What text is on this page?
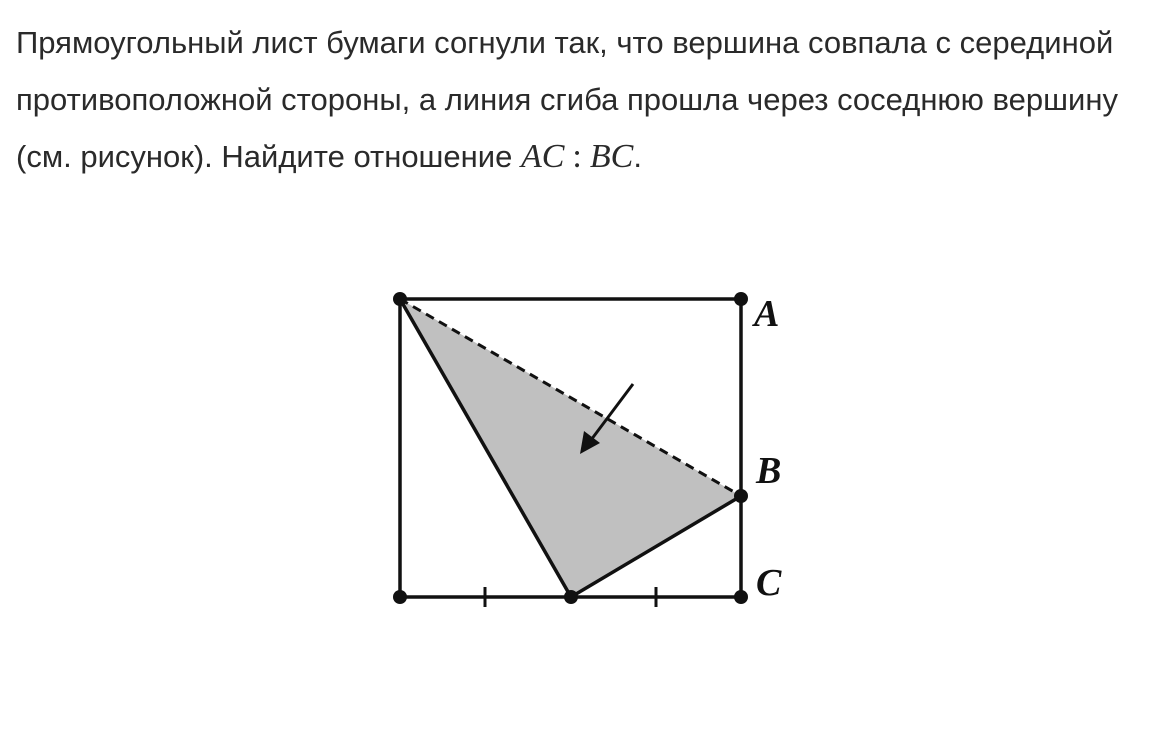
Прямоугольный лист бумаги согнули так, что вершина совпала с серединой противоположной стороны, а линия сгиба прошла через соседнюю вершину (см. рисунок). Найдите отношение AC : BC.

A
B
C
